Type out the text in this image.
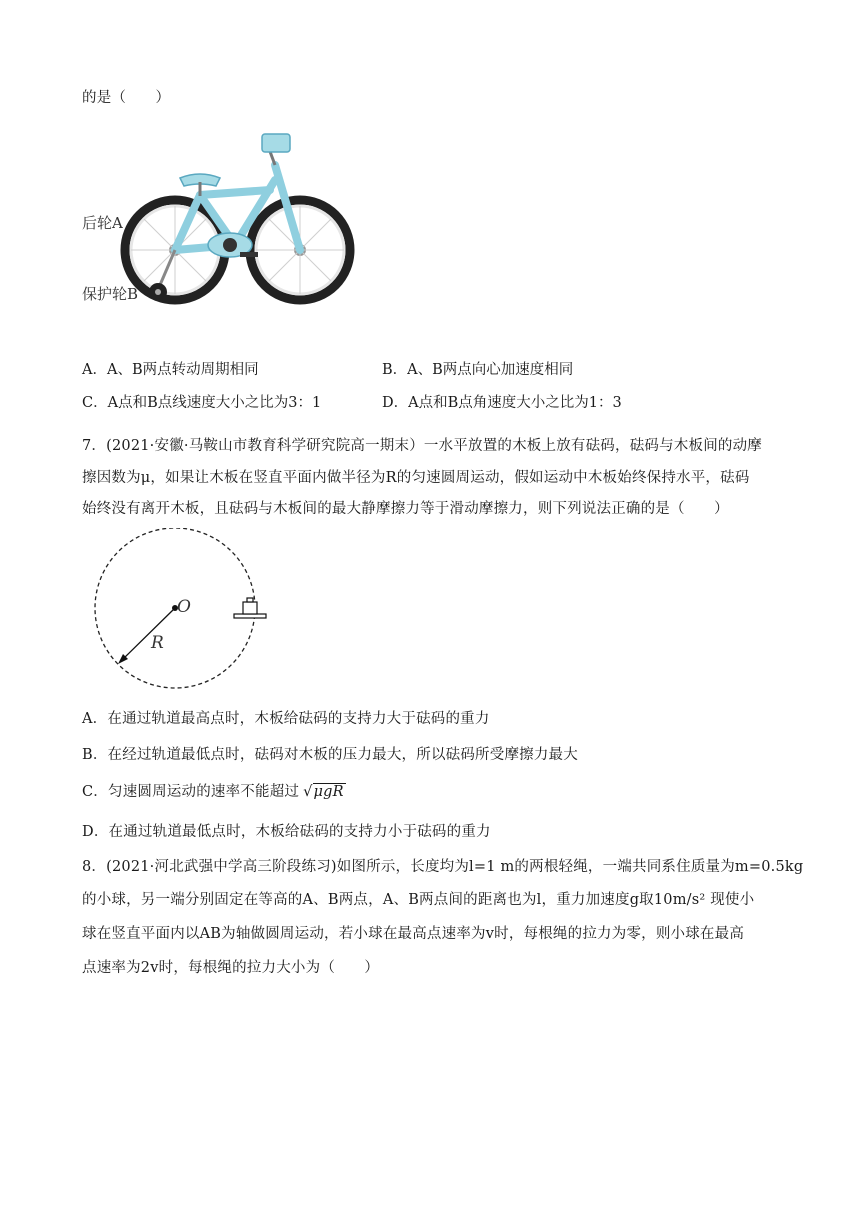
的是（　　）
后轮A
保护轮B
A．A、B两点转动周期相同	B．A、B两点向心加速度相同
C．A点和B点线速度大小之比为3：1	D．A点和B点角速度大小之比为1：3
7．(2021·安徽·马鞍山市教育科学研究院高一期末）一水平放置的木板上放有砝码，砝码与木板间的动摩
擦因数为μ，如果让木板在竖直平面内做半径为R的匀速圆周运动，假如运动中木板始终保持水平，砝码
始终没有离开木板，且砝码与木板间的最大静摩擦力等于滑动摩擦力，则下列说法正确的是（　　）
O
R
A．在通过轨道最高点时，木板给砝码的支持力大于砝码的重力
B．在经过轨道最低点时，砝码对木板的压力最大，所以砝码所受摩擦力最大
C．匀速圆周运动的速率不能超过 √μgR
D．在通过轨道最低点时，木板给砝码的支持力小于砝码的重力
8．(2021·河北武强中学高三阶段练习)如图所示，长度均为l=1 m的两根轻绳，一端共同系住质量为m=0.5kg
的小球，另一端分别固定在等高的A、B两点，A、B两点间的距离也为l，重力加速度g取10m/s² 现使小
球在竖直平面内以AB为轴做圆周运动，若小球在最高点速率为v时，每根绳的拉力为零，则小球在最高
点速率为2v时，每根绳的拉力大小为（　　）
